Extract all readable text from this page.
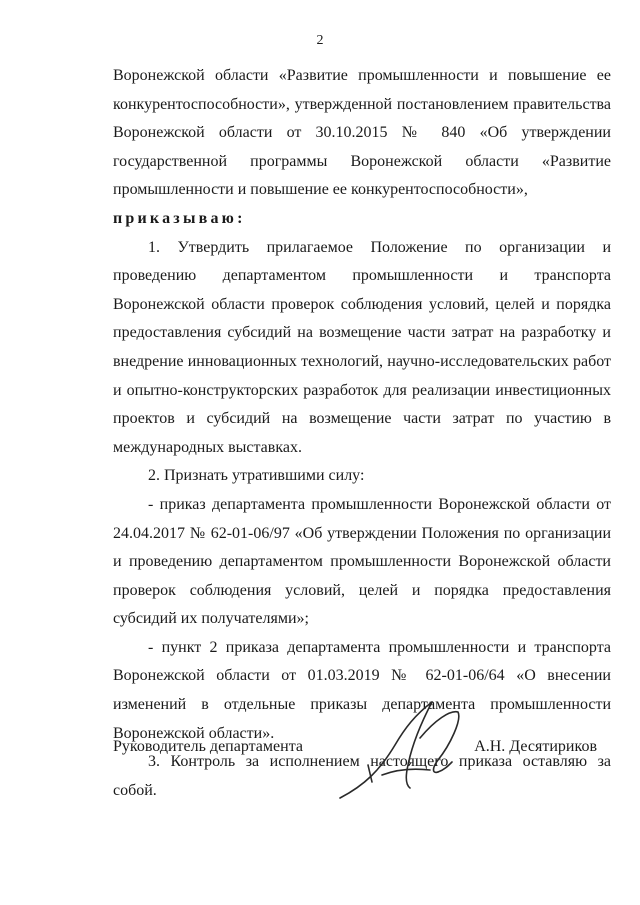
2

Воронежской области «Развитие промышленности и повышение ее конкурентоспособности», утвержденной постановлением правительства Воронежской области от 30.10.2015 № 840 «Об утверждении государственной программы Воронежской области «Развитие промышленности и повышение ее конкурентоспособности»,

приказываю:

1. Утвердить прилагаемое Положение по организации и проведению департаментом промышленности и транспорта Воронежской области проверок соблюдения условий, целей и порядка предоставления субсидий на возмещение части затрат на разработку и внедрение инновационных технологий, научно-исследовательских работ и опытно-конструкторских разработок для реализации инвестиционных проектов и субсидий на возмещение части затрат по участию в международных выставках.

2. Признать утратившими силу:

- приказ департамента промышленности Воронежской области от 24.04.2017 № 62-01-06/97 «Об утверждении Положения по организации и проведению департаментом промышленности Воронежской области проверок соблюдения условий, целей и порядка предоставления субсидий их получателями»;

- пункт 2 приказа департамента промышленности и транспорта Воронежской области от 01.03.2019 № 62-01-06/64 «О внесении изменений в отдельные приказы департамента промышленности Воронежской области».

3. Контроль за исполнением настоящего приказа оставляю за собой.

Руководитель департамента	А.Н. Десятириков
